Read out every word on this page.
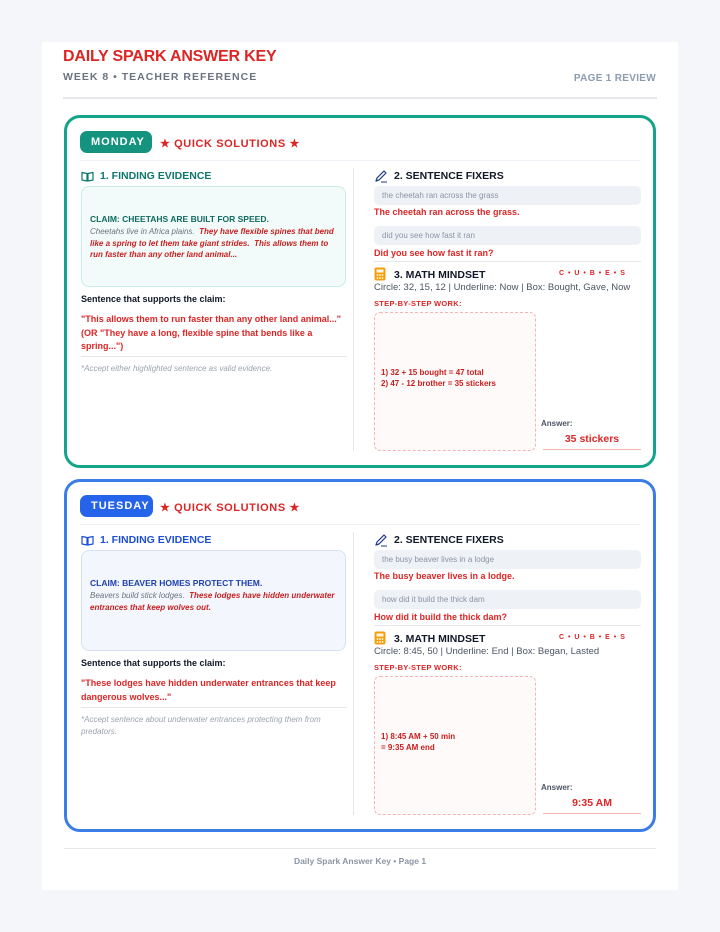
DAILY SPARK ANSWER KEY
WEEK 8 • TEACHER REFERENCE	PAGE 1 REVIEW
MONDAY	★ QUICK SOLUTIONS ★
1. FINDING EVIDENCE
CLAIM: CHEETAHS ARE BUILT FOR SPEED.
Cheetahs live in Africa plains. They have flexible spines that bend like a spring to let them take giant strides. This allows them to run faster than any other land animal...
Sentence that supports the claim:
"This allows them to run faster than any other land animal..." (OR "They have a long, flexible spine that bends like a spring...")
*Accept either highlighted sentence as valid evidence.
2. SENTENCE FIXERS
the cheetah ran across the grass
The cheetah ran across the grass.
did you see how fast it ran
Did you see how fast it ran?
3. MATH MINDSET	C • U • B • E • S
Circle: 32, 15, 12 | Underline: Now | Box: Bought, Gave, Now
STEP-BY-STEP WORK:
1) 32 + 15 bought = 47 total
2) 47 - 12 brother = 35 stickers
Answer:
35 stickers
TUESDAY ★ QUICK SOLUTIONS ★
1. FINDING EVIDENCE
CLAIM: BEAVER HOMES PROTECT THEM.
Beavers build stick lodges. These lodges have hidden underwater entrances that keep wolves out.
Sentence that supports the claim:
"These lodges have hidden underwater entrances that keep dangerous wolves..."
*Accept sentence about underwater entrances protecting them from predators.
2. SENTENCE FIXERS
the busy beaver lives in a lodge
The busy beaver lives in a lodge.
how did it build the thick dam
How did it build the thick dam?
3. MATH MINDSET	C • U • B • E • S
Circle: 8:45, 50 | Underline: End | Box: Began, Lasted
STEP-BY-STEP WORK:
1) 8:45 AM + 50 min
= 9:35 AM end
Answer:
9:35 AM
Daily Spark Answer Key • Page 1
